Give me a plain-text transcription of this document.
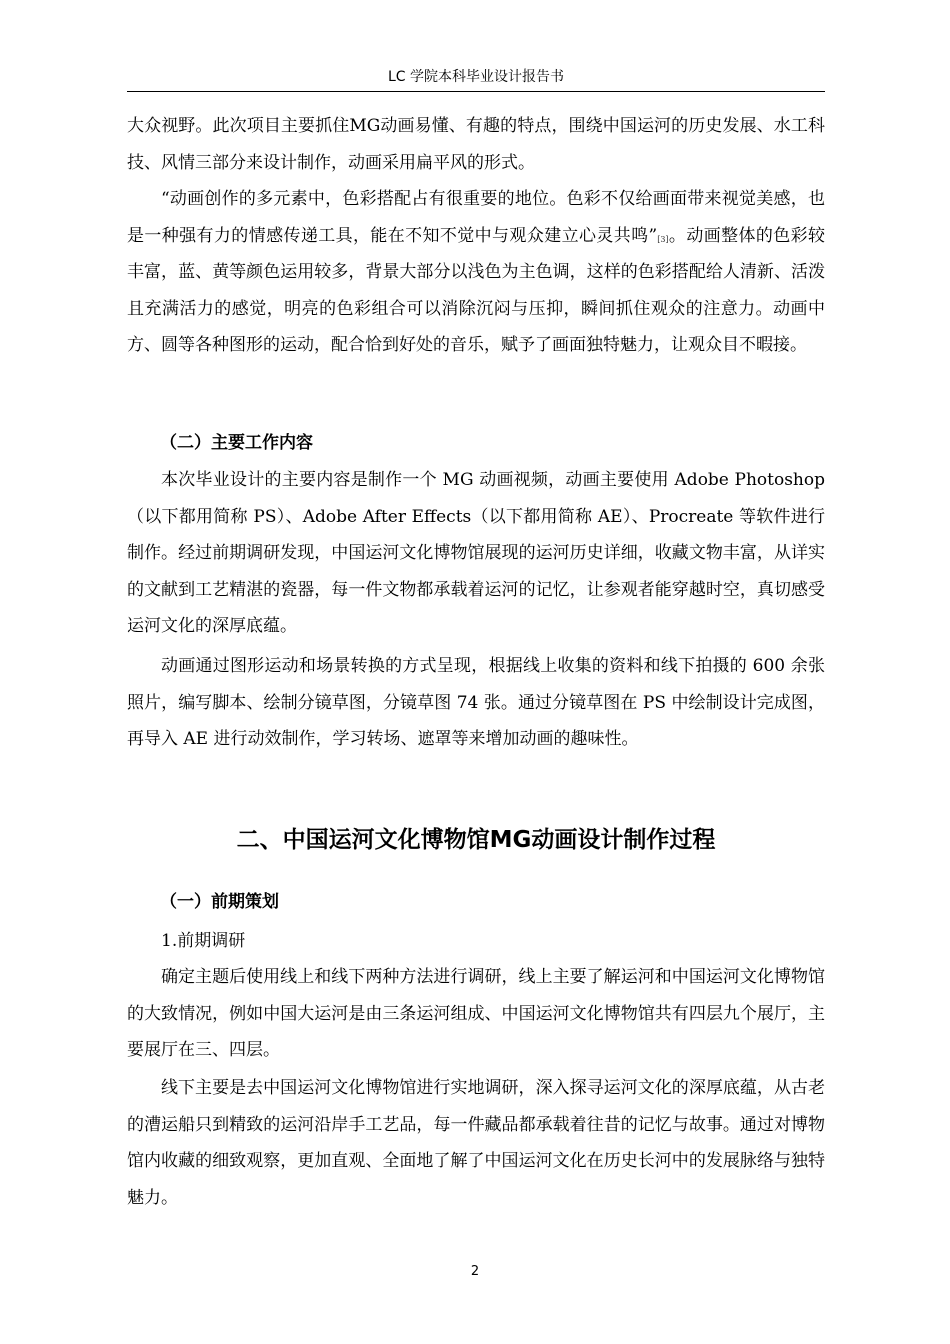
LC 学院本科毕业设计报告书

大众视野。此次项目主要抓住MG动画易懂、有趣的特点，围绕中国运河的历史发展、水工科技、风情三部分来设计制作，动画采用扁平风的形式。

“动画创作的多元素中，色彩搭配占有很重要的地位。色彩不仅给画面带来视觉美感，也是一种强有力的情感传递工具，能在不知不觉中与观众建立心灵共鸣”[3]。动画整体的色彩较丰富，蓝、黄等颜色运用较多，背景大部分以浅色为主色调，这样的色彩搭配给人清新、活泼且充满活力的感觉，明亮的色彩组合可以消除沉闷与压抑，瞬间抓住观众的注意力。动画中方、圆等各种图形的运动，配合恰到好处的音乐，赋予了画面独特魅力，让观众目不暇接。

（二）主要工作内容

本次毕业设计的主要内容是制作一个 MG 动画视频，动画主要使用 Adobe Photoshop（以下都用简称 PS）、Adobe After Effects（以下都用简称 AE）、Procreate 等软件进行制作。经过前期调研发现，中国运河文化博物馆展现的运河历史详细，收藏文物丰富，从详实的文献到工艺精湛的瓷器，每一件文物都承载着运河的记忆，让参观者能穿越时空，真切感受运河文化的深厚底蕴。

动画通过图形运动和场景转换的方式呈现，根据线上收集的资料和线下拍摄的 600 余张照片，编写脚本、绘制分镜草图，分镜草图 74 张。通过分镜草图在 PS 中绘制设计完成图，再导入 AE 进行动效制作，学习转场、遮罩等来增加动画的趣味性。

二、中国运河文化博物馆MG动画设计制作过程
（一）前期策划
1.前期调研

确定主题后使用线上和线下两种方法进行调研，线上主要了解运河和中国运河文化博物馆的大致情况，例如中国大运河是由三条运河组成、中国运河文化博物馆共有四层九个展厅，主要展厅在三、四层。

线下主要是去中国运河文化博物馆进行实地调研，深入探寻运河文化的深厚底蕴，从古老的漕运船只到精致的运河沿岸手工艺品，每一件藏品都承载着往昔的记忆与故事。通过对博物馆内收藏的细致观察，更加直观、全面地了解了中国运河文化在历史长河中的发展脉络与独特魅力。

2
